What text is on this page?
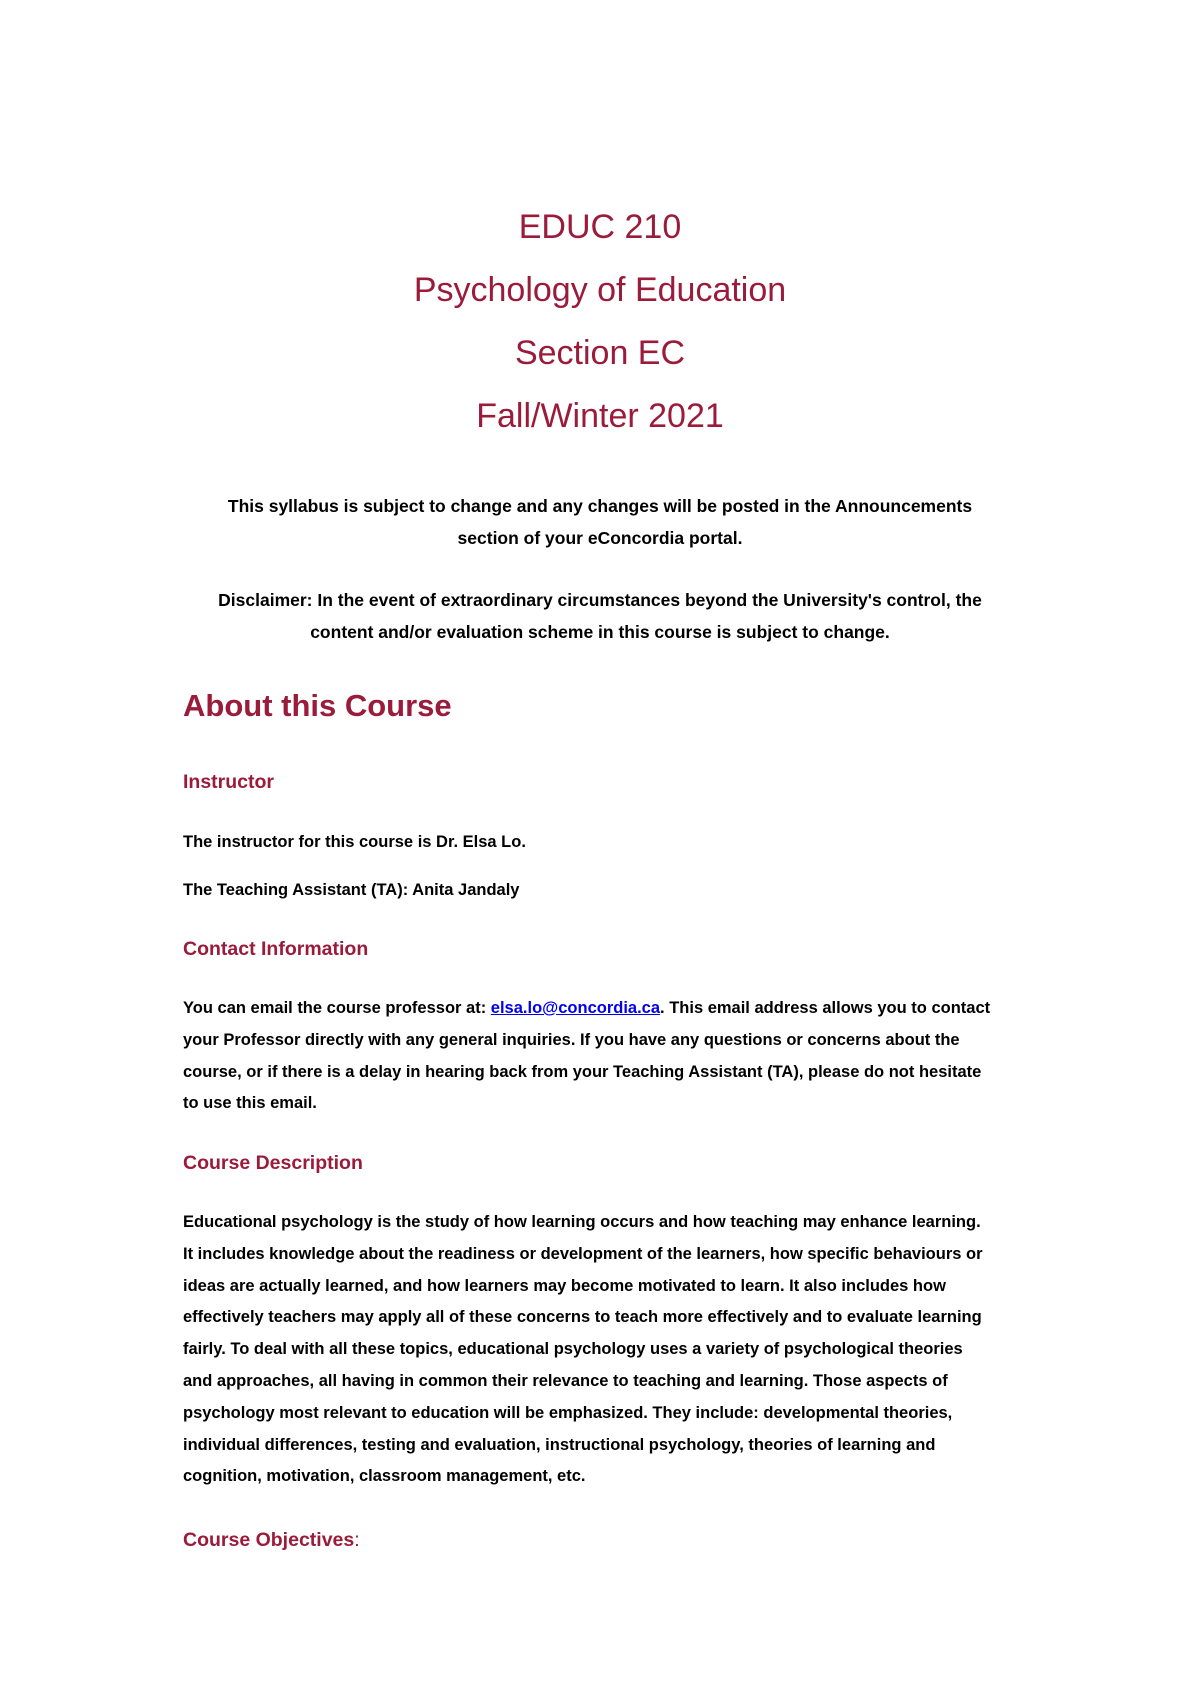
EDUC 210
Psychology of Education
Section EC
Fall/Winter 2021
This syllabus is subject to change and any changes will be posted in the Announcements
section of your eConcordia portal.
Disclaimer: In the event of extraordinary circumstances beyond the University's control, the
content and/or evaluation scheme in this course is subject to change.
About this Course
Instructor
The instructor for this course is Dr. Elsa Lo.
The Teaching Assistant (TA): Anita Jandaly
Contact Information
You can email the course professor at: elsa.lo@concordia.ca. This email address allows you to contact
your Professor directly with any general inquiries. If you have any questions or concerns about the
course, or if there is a delay in hearing back from your Teaching Assistant (TA), please do not hesitate
to use this email.
Course Description
Educational psychology is the study of how learning occurs and how teaching may enhance learning.
It includes knowledge about the readiness or development of the learners, how specific behaviours or
ideas are actually learned, and how learners may become motivated to learn. It also includes how
effectively teachers may apply all of these concerns to teach more effectively and to evaluate learning
fairly. To deal with all these topics, educational psychology uses a variety of psychological theories
and approaches, all having in common their relevance to teaching and learning. Those aspects of
psychology most relevant to education will be emphasized. They include: developmental theories,
individual differences, testing and evaluation, instructional psychology, theories of learning and
cognition, motivation, classroom management, etc.
Course Objectives:
